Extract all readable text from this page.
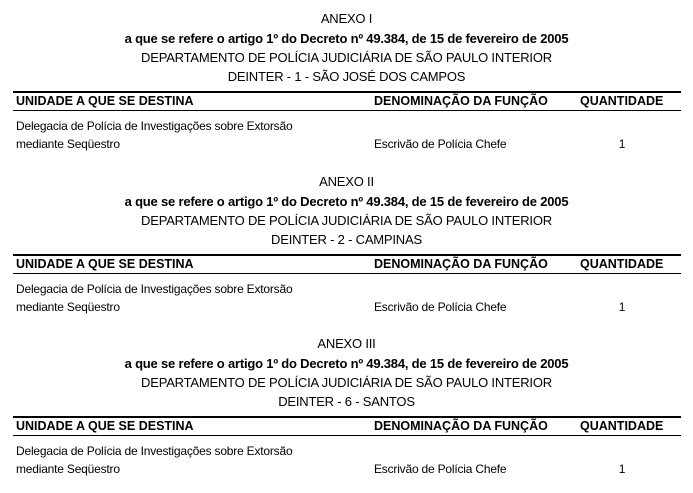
ANEXO I
a que se refere o artigo 1º do Decreto nº 49.384, de 15 de fevereiro de 2005
DEPARTAMENTO DE POLÍCIA JUDICIÁRIA DE SÃO PAULO INTERIOR
DEINTER - 1 - SÃO JOSÉ DOS CAMPOS
UNIDADE A QUE SE DESTINA	DENOMINAÇÃO DA FUNÇÃO	QUANTIDADE
Delegacia de Polícia de Investigações sobre Extorsão
mediante Seqüestro	Escrivão de Polícia Chefe	1
ANEXO II
a que se refere o artigo 1º do Decreto nº 49.384, de 15 de fevereiro de 2005
DEPARTAMENTO DE POLÍCIA JUDICIÁRIA DE SÃO PAULO INTERIOR
DEINTER - 2 - CAMPINAS
UNIDADE A QUE SE DESTINA	DENOMINAÇÃO DA FUNÇÃO	QUANTIDADE
Delegacia de Polícia de Investigações sobre Extorsão
mediante Seqüestro	Escrivão de Polícia Chefe	1
ANEXO III
a que se refere o artigo 1º do Decreto nº 49.384, de 15 de fevereiro de 2005
DEPARTAMENTO DE POLÍCIA JUDICIÁRIA DE SÃO PAULO INTERIOR
DEINTER - 6 - SANTOS
UNIDADE A QUE SE DESTINA	DENOMINAÇÃO DA FUNÇÃO	QUANTIDADE
Delegacia de Polícia de Investigações sobre Extorsão
mediante Seqüestro	Escrivão de Polícia Chefe	1
